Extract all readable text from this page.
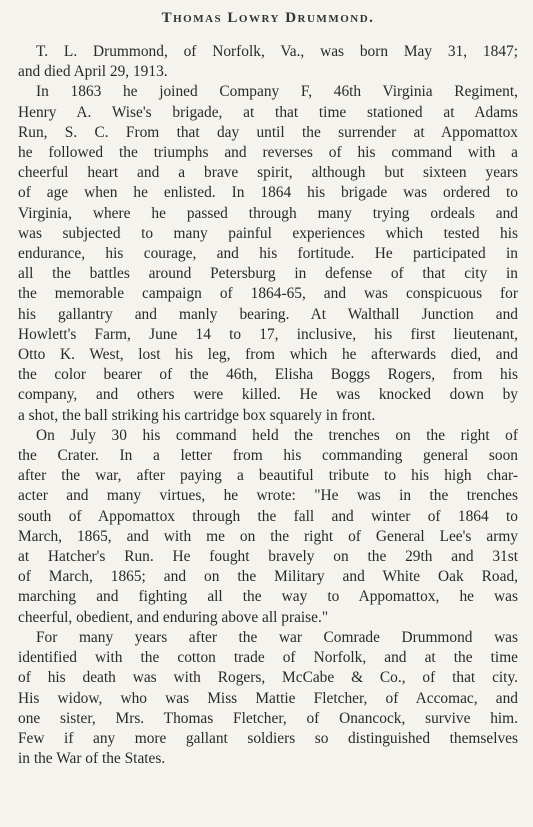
Thomas Lowry Drummond.

T. L. Drummond, of Norfolk, Va., was born May 31, 1847;
and died April 29, 1913.

In 1863 he joined Company F, 46th Virginia Regiment,
Henry A. Wise's brigade, at that time stationed at Adams
Run, S. C. From that day until the surrender at Appomattox
he followed the triumphs and reverses of his command with a
cheerful heart and a brave spirit, although but sixteen years
of age when he enlisted. In 1864 his brigade was ordered to
Virginia, where he passed through many trying ordeals and
was subjected to many painful experiences which tested his
endurance, his courage, and his fortitude. He participated in
all the battles around Petersburg in defense of that city in
the memorable campaign of 1864-65, and was conspicuous for
his gallantry and manly bearing. At Walthall Junction and
Howlett's Farm, June 14 to 17, inclusive, his first lieutenant,
Otto K. West, lost his leg, from which he afterwards died, and
the color bearer of the 46th, Elisha Boggs Rogers, from his
company, and others were killed. He was knocked down by
a shot, the ball striking his cartridge box squarely in front.

On July 30 his command held the trenches on the right of
the Crater. In a letter from his commanding general soon
after the war, after paying a beautiful tribute to his high char-
acter and many virtues, he wrote: "He was in the trenches
south of Appomattox through the fall and winter of 1864 to
March, 1865, and with me on the right of General Lee's army
at Hatcher's Run. He fought bravely on the 29th and 31st
of March, 1865; and on the Military and White Oak Road,
marching and fighting all the way to Appomattox, he was
cheerful, obedient, and enduring above all praise."

For many years after the war Comrade Drummond was
identified with the cotton trade of Norfolk, and at the time
of his death was with Rogers, McCabe & Co., of that city.
His widow, who was Miss Mattie Fletcher, of Accomac, and
one sister, Mrs. Thomas Fletcher, of Onancock, survive him.
Few if any more gallant soldiers so distinguished themselves
in the War of the States.
